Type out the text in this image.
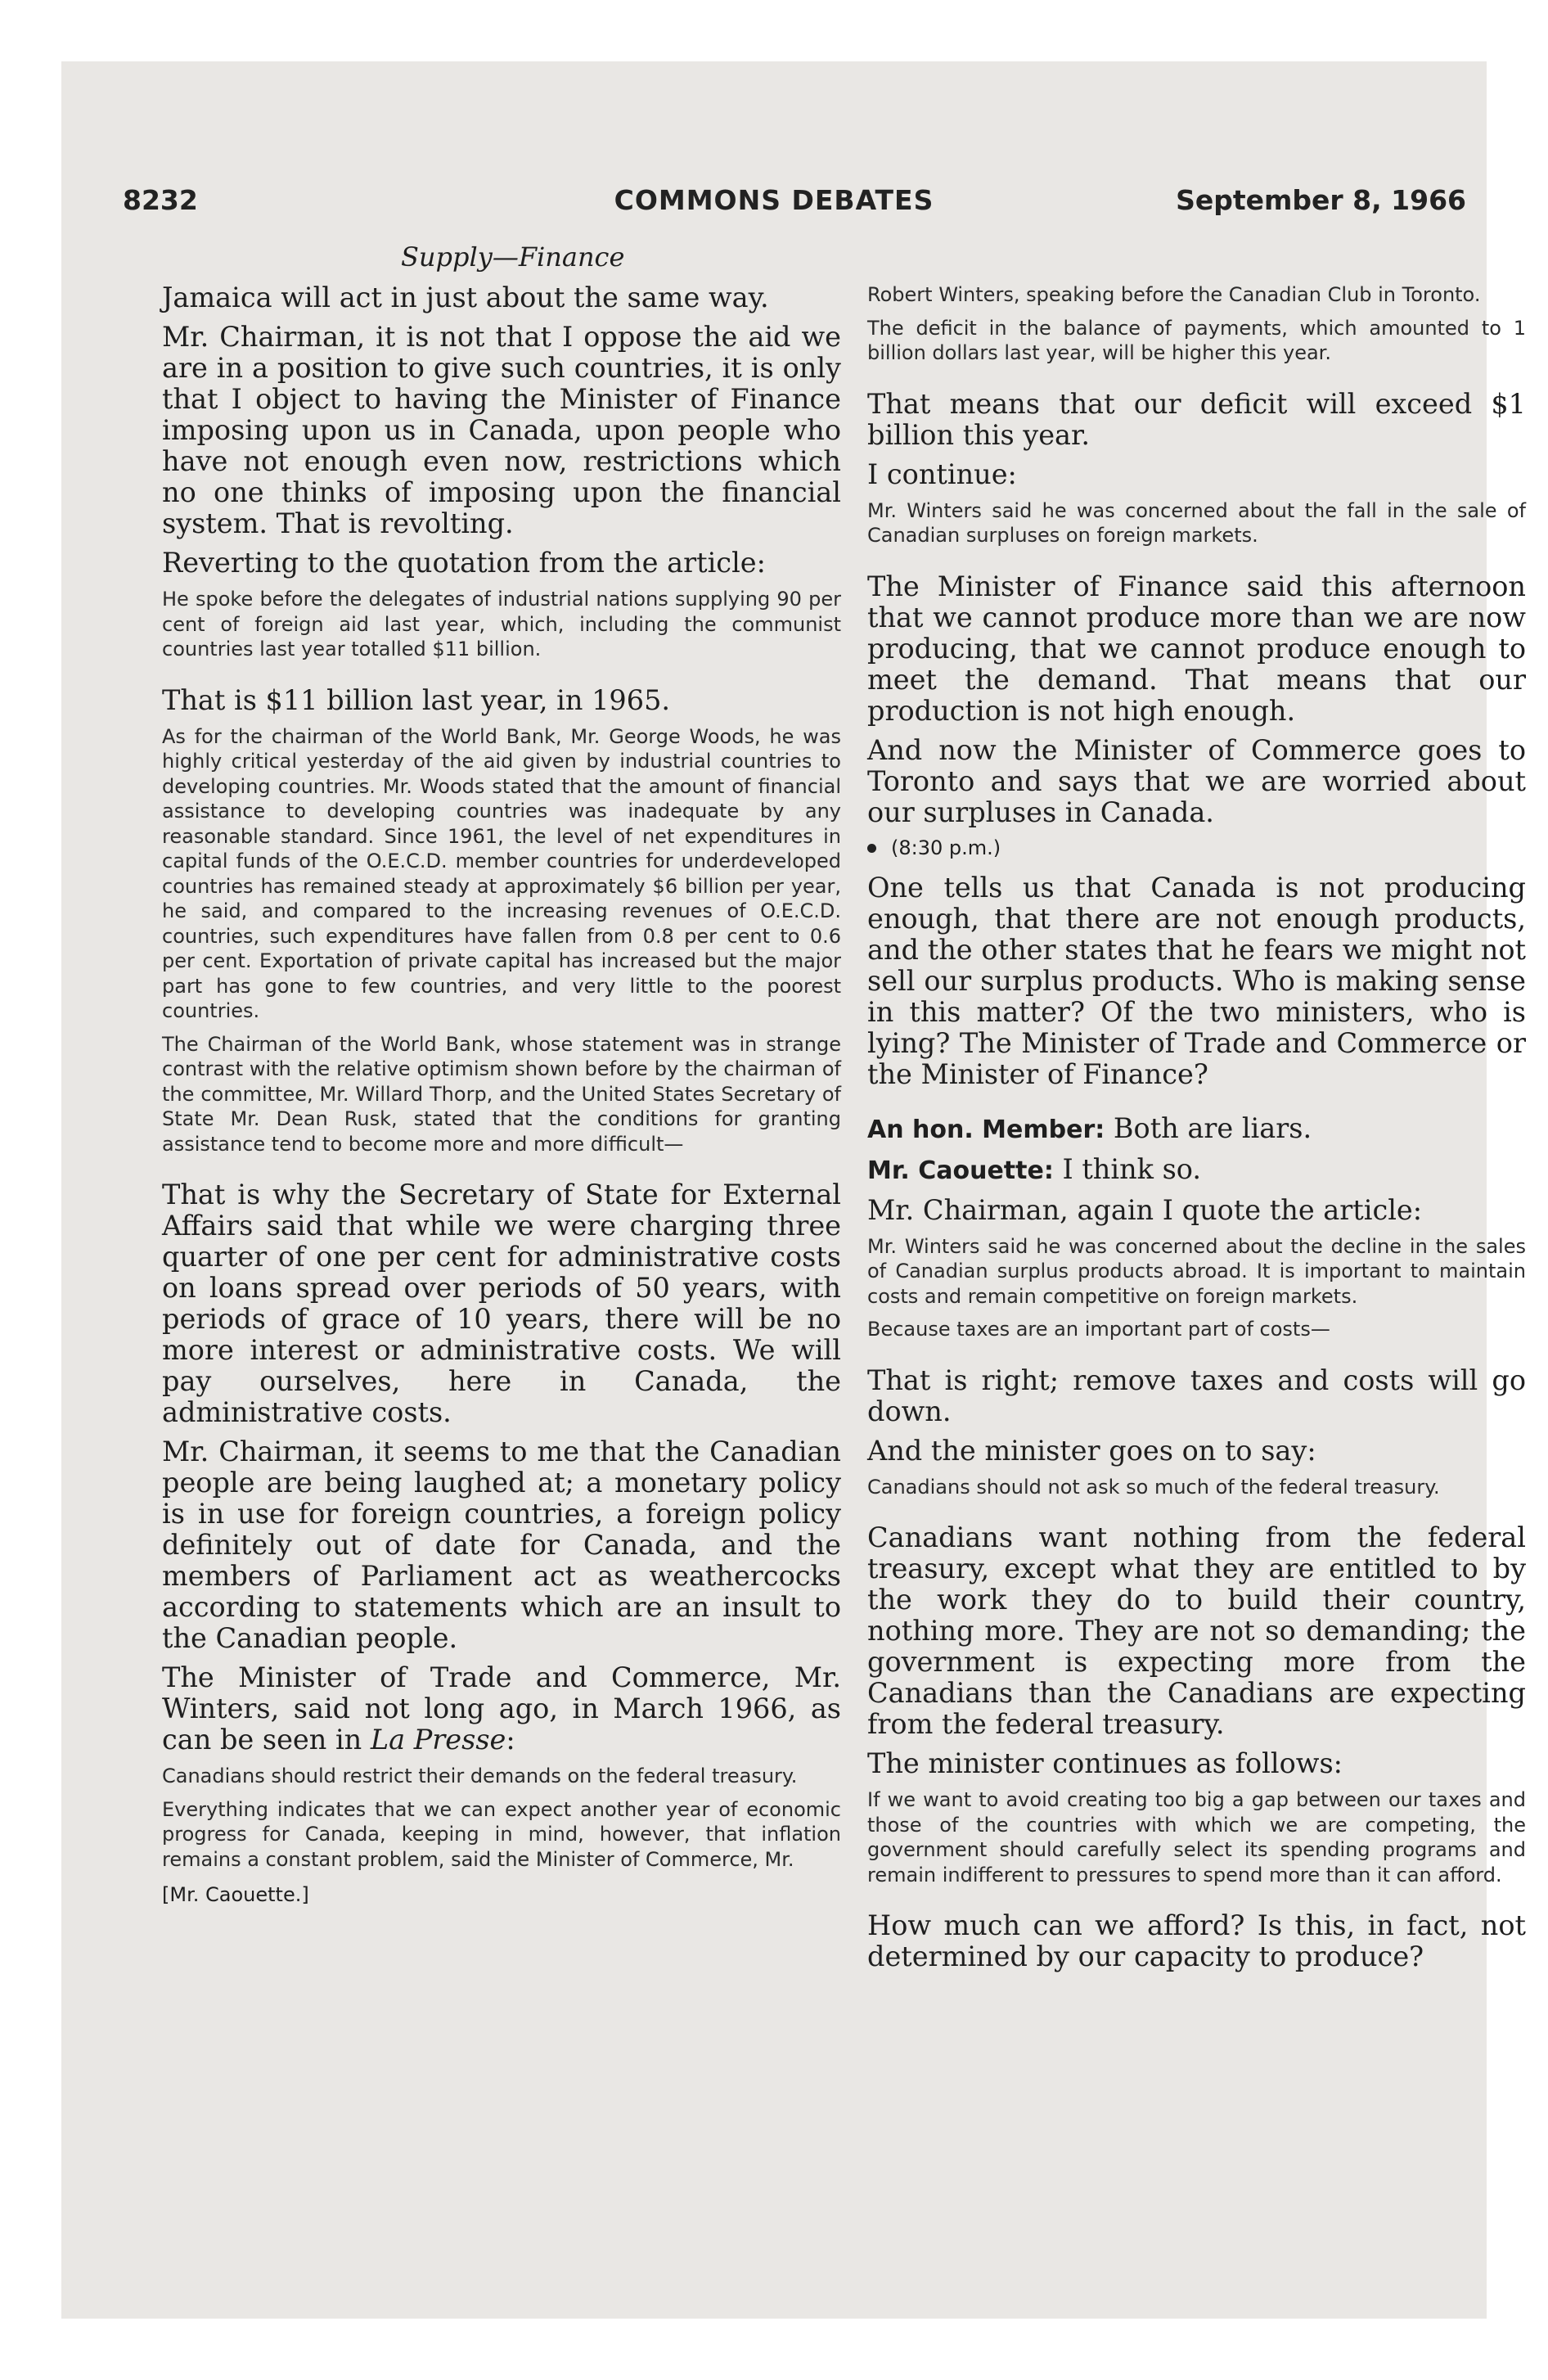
8232	COMMONS DEBATES	September 8, 1966
Supply—Finance

Jamaica will act in just about the same way.

Mr. Chairman, it is not that I oppose the aid we are in a position to give such countries, it is only that I object to having the Minister of Finance imposing upon us in Canada, upon people who have not enough even now, restrictions which no one thinks of imposing upon the financial system. That is revolting.

Reverting to the quotation from the article:

He spoke before the delegates of industrial nations supplying 90 per cent of foreign aid last year, which, including the communist countries last year totalled $11 billion.

That is $11 billion last year, in 1965.

As for the chairman of the World Bank, Mr. George Woods, he was highly critical yesterday of the aid given by industrial countries to developing countries. Mr. Woods stated that the amount of financial assistance to developing countries was inadequate by any reasonable standard. Since 1961, the level of net expenditures in capital funds of the O.E.C.D. member countries for underdeveloped countries has remained steady at approximately $6 billion per year, he said, and compared to the increasing revenues of O.E.C.D. countries, such expenditures have fallen from 0.8 per cent to 0.6 per cent. Exportation of private capital has increased but the major part has gone to few countries, and very little to the poorest countries.

The Chairman of the World Bank, whose statement was in strange contrast with the relative optimism shown before by the chairman of the committee, Mr. Willard Thorp, and the United States Secretary of State Mr. Dean Rusk, stated that the conditions for granting assistance tend to become more and more difficult—

That is why the Secretary of State for External Affairs said that while we were charging three quarter of one per cent for administrative costs on loans spread over periods of 50 years, with periods of grace of 10 years, there will be no more interest or administrative costs. We will pay ourselves, here in Canada, the administrative costs.

Mr. Chairman, it seems to me that the Canadian people are being laughed at; a monetary policy is in use for foreign countries, a foreign policy definitely out of date for Canada, and the members of Parliament act as weathercocks according to statements which are an insult to the Canadian people.

The Minister of Trade and Commerce, Mr. Winters, said not long ago, in March 1966, as can be seen in La Presse:

Canadians should restrict their demands on the federal treasury.

Everything indicates that we can expect another year of economic progress for Canada, keeping in mind, however, that inflation remains a constant problem, said the Minister of Commerce, Mr.

[Mr. Caouette.]

Robert Winters, speaking before the Canadian Club in Toronto.

The deficit in the balance of payments, which amounted to 1 billion dollars last year, will be higher this year.

That means that our deficit will exceed $1 billion this year.

I continue:

Mr. Winters said he was concerned about the fall in the sale of Canadian surpluses on foreign markets.

The Minister of Finance said this afternoon that we cannot produce more than we are now producing, that we cannot produce enough to meet the demand. That means that our production is not high enough.

And now the Minister of Commerce goes to Toronto and says that we are worried about our surpluses in Canada.

(8:30 p.m.)

One tells us that Canada is not producing enough, that there are not enough products, and the other states that he fears we might not sell our surplus products. Who is making sense in this matter? Of the two ministers, who is lying? The Minister of Trade and Commerce or the Minister of Finance?

An hon. Member: Both are liars.

Mr. Caouette: I think so.

Mr. Chairman, again I quote the article:

Mr. Winters said he was concerned about the decline in the sales of Canadian surplus products abroad. It is important to maintain costs and remain competitive on foreign markets.

Because taxes are an important part of costs—

That is right; remove taxes and costs will go down.

And the minister goes on to say:

Canadians should not ask so much of the federal treasury.

Canadians want nothing from the federal treasury, except what they are entitled to by the work they do to build their country, nothing more. They are not so demanding; the government is expecting more from the Canadians than the Canadians are expecting from the federal treasury.

The minister continues as follows:

If we want to avoid creating too big a gap between our taxes and those of the countries with which we are competing, the government should carefully select its spending programs and remain indifferent to pressures to spend more than it can afford.

How much can we afford? Is this, in fact, not determined by our capacity to produce?
